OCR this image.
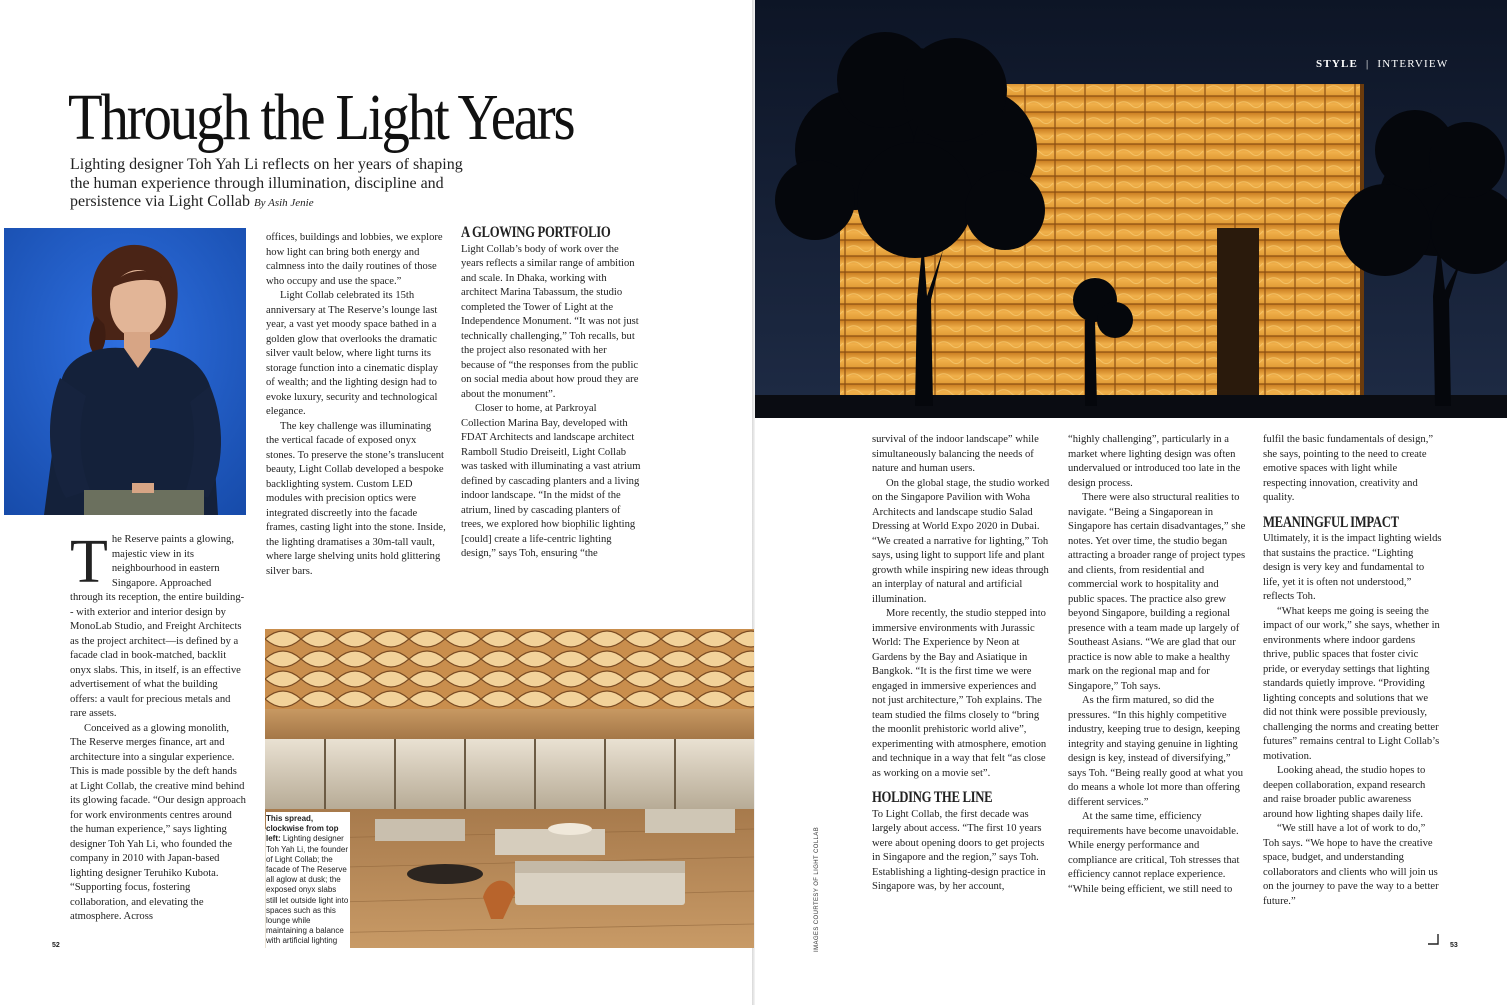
Through the Light Years
Lighting designer Toh Yah Li reflects on her years of shaping the human experience through illumination, discipline and persistence via Light Collab By Asih Jenie

The Reserve paints a glowing, majestic view in its neighbourhood in eastern Singapore. Approached through its reception, the entire building-- with exterior and interior design by MonoLab Studio, and Freight Architects as the project architect—is defined by a facade clad in book-matched, backlit onyx slabs. This, in itself, is an effective advertisement of what the building offers: a vault for precious metals and rare assets.

Conceived as a glowing monolith, The Reserve merges finance, art and architecture into a singular experience. This is made possible by the deft hands at Light Collab, the creative mind behind its glowing facade. “Our design approach for work environments centres around the human experience,” says lighting designer Toh Yah Li, who founded the company in 2010 with Japan-based lighting designer Teruhiko Kubota. “Supporting focus, fostering collaboration, and elevating the atmosphere. Across

offices, buildings and lobbies, we explore how light can bring both energy and calmness into the daily routines of those who occupy and use the space.”

Light Collab celebrated its 15th anniversary at The Reserve’s lounge last year, a vast yet moody space bathed in a golden glow that overlooks the dramatic silver vault below, where light turns its storage function into a cinematic display of wealth; and the lighting design had to evoke luxury, security and technological elegance.

The key challenge was illuminating the vertical facade of exposed onyx stones. To preserve the stone’s translucent beauty, Light Collab developed a bespoke backlighting system. Custom LED modules with precision optics were integrated discreetly into the facade frames, casting light into the stone. Inside, the lighting dramatises a 30m-tall vault, where large shelving units hold glittering silver bars.

A GLOWING PORTFOLIO

Light Collab’s body of work over the years reflects a similar range of ambition and scale. In Dhaka, working with architect Marina Tabassum, the studio completed the Tower of Light at the Independence Monument. “It was not just technically challenging,” Toh recalls, but the project also resonated with her because of “the responses from the public on social media about how proud they are about the monument”.

Closer to home, at Parkroyal Collection Marina Bay, developed with FDAT Architects and landscape architect Ramboll Studio Dreiseitl, Light Collab was tasked with illuminating a vast atrium defined by cascading planters and a living indoor landscape. “In the midst of the atrium, lined by cascading planters of trees, we explored how biophilic lighting [could] create a life-centric lighting design,” says Toh, ensuring “the

This spread, clockwise from top left: Lighting designer Toh Yah Li, the founder of Light Collab; the facade of The Reserve all aglow at dusk; the exposed onyx slabs still let outside light into spaces such as this lounge while maintaining a balance with artificial lighting
52
STYLE | INTERVIEW
IMAGES COURTESY OF LIGHT COLLAB

survival of the indoor landscape” while simultaneously balancing the needs of nature and human users.

On the global stage, the studio worked on the Singapore Pavilion with Woha Architects and landscape studio Salad Dressing at World Expo 2020 in Dubai. “We created a narrative for lighting,” Toh says, using light to support life and plant growth while inspiring new ideas through an interplay of natural and artificial illumination.

More recently, the studio stepped into immersive environments with Jurassic World: The Experience by Neon at Gardens by the Bay and Asiatique in Bangkok. “It is the first time we were engaged in immersive experiences and not just architecture,” Toh explains. The team studied the films closely to “bring the moonlit prehistoric world alive”, experimenting with atmosphere, emotion and technique in a way that felt “as close as working on a movie set”.

HOLDING THE LINE

To Light Collab, the first decade was largely about access. “The first 10 years were about opening doors to get projects in Singapore and the region,” says Toh. Establishing a lighting-design practice in Singapore was, by her account,

“highly challenging”, particularly in a market where lighting design was often undervalued or introduced too late in the design process.

There were also structural realities to navigate. “Being a Singaporean in Singapore has certain disadvantages,” she notes. Yet over time, the studio began attracting a broader range of project types and clients, from residential and commercial work to hospitality and public spaces. The practice also grew beyond Singapore, building a regional presence with a team made up largely of Southeast Asians. “We are glad that our practice is now able to make a healthy mark on the regional map and for Singapore,” Toh says.

As the firm matured, so did the pressures. “In this highly competitive industry, keeping true to design, keeping integrity and staying genuine in lighting design is key, instead of diversifying,” says Toh. “Being really good at what you do means a whole lot more than offering different services.”

At the same time, efficiency requirements have become unavoidable. While energy performance and compliance are critical, Toh stresses that efficiency cannot replace experience. “While being efficient, we still need to

fulfil the basic fundamentals of design,” she says, pointing to the need to create emotive spaces with light while respecting innovation, creativity and quality.

MEANINGFUL IMPACT

Ultimately, it is the impact lighting wields that sustains the practice. “Lighting design is very key and fundamental to life, yet it is often not understood,” reflects Toh.

“What keeps me going is seeing the impact of our work,” she says, whether in environments where indoor gardens thrive, public spaces that foster civic pride, or everyday settings that lighting standards quietly improve. “Providing lighting concepts and solutions that we did not think were possible previously, challenging the norms and creating better futures” remains central to Light Collab’s motivation.

Looking ahead, the studio hopes to deepen collaboration, expand research and raise broader public awareness around how lighting shapes daily life.

“We still have a lot of work to do,” Toh says. “We hope to have the creative space, budget, and understanding collaborators and clients who will join us on the journey to pave the way to a better future.”

53
